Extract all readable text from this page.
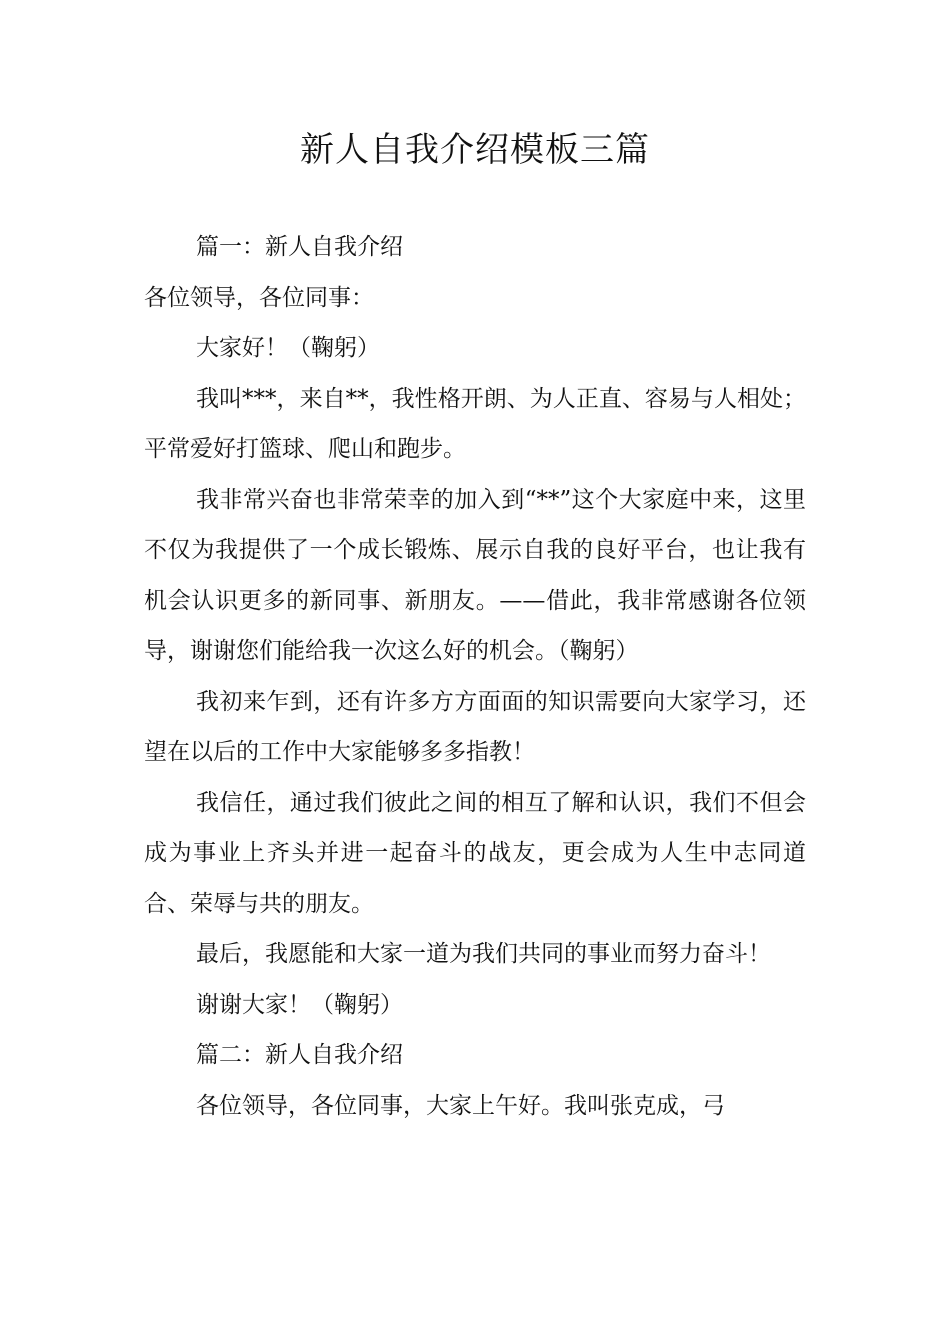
新人自我介绍模板三篇

篇一：新人自我介绍

各位领导，各位同事：

大家好！（鞠躬）

我叫***，来自**，我性格开朗、为人正直、容易与人相处；平常爱好打篮球、爬山和跑步。

我非常兴奋也非常荣幸的加入到“**”这个大家庭中来，这里不仅为我提供了一个成长锻炼、展示自我的良好平台，也让我有机会认识更多的新同事、新朋友。——借此，我非常感谢各位领导，谢谢您们能给我一次这么好的机会。（鞠躬）

我初来乍到，还有许多方方面面的知识需要向大家学习，还望在以后的工作中大家能够多多指教！

我信任，通过我们彼此之间的相互了解和认识，我们不但会成为事业上齐头并进一起奋斗的战友，更会成为人生中志同道合、荣辱与共的朋友。

最后，我愿能和大家一道为我们共同的事业而努力奋斗！

谢谢大家！（鞠躬）

篇二：新人自我介绍

各位领导，各位同事，大家上午好。我叫张克成，弓
